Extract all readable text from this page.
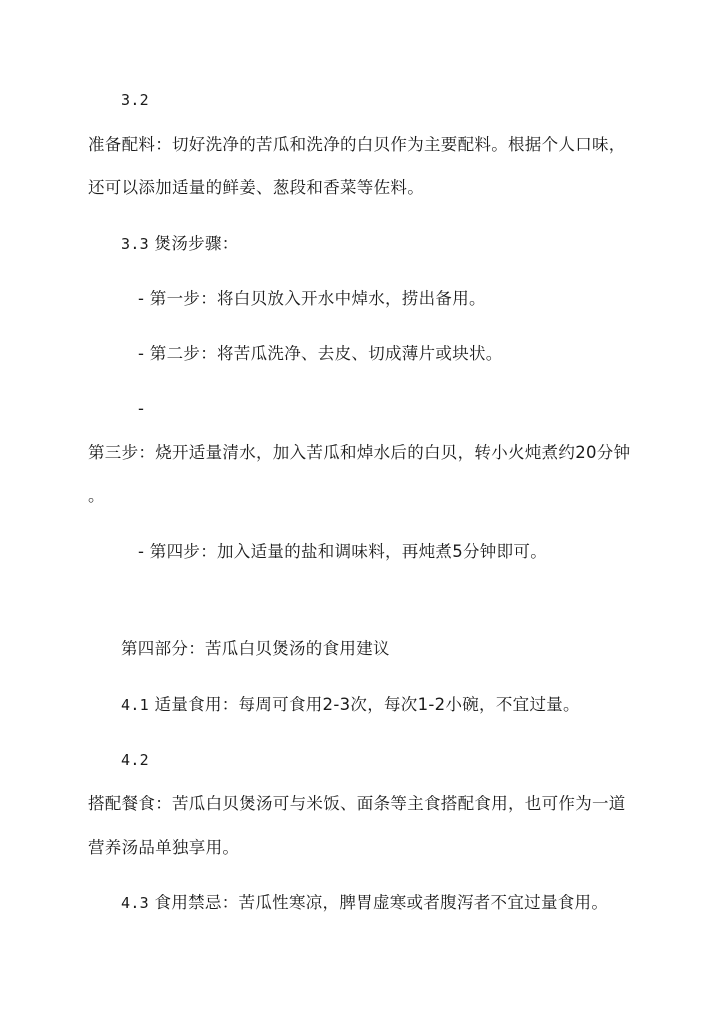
3.2
准备配料：切好洗净的苦瓜和洗净的白贝作为主要配料。根据个人口味，
还可以添加适量的鲜姜、葱段和香菜等佐料。
3.3 煲汤步骤：
- 第一步：将白贝放入开水中焯水，捞出备用。
- 第二步：将苦瓜洗净、去皮、切成薄片或块状。
-
第三步：烧开适量清水，加入苦瓜和焯水后的白贝，转小火炖煮约20分钟
。
- 第四步：加入适量的盐和调味料，再炖煮5分钟即可。
第四部分：苦瓜白贝煲汤的食用建议
4.1 适量食用：每周可食用2-3次，每次1-2小碗，不宜过量。
4.2
搭配餐食：苦瓜白贝煲汤可与米饭、面条等主食搭配食用，也可作为一道
营养汤品单独享用。
4.3 食用禁忌：苦瓜性寒凉，脾胃虚寒或者腹泻者不宜过量食用。
